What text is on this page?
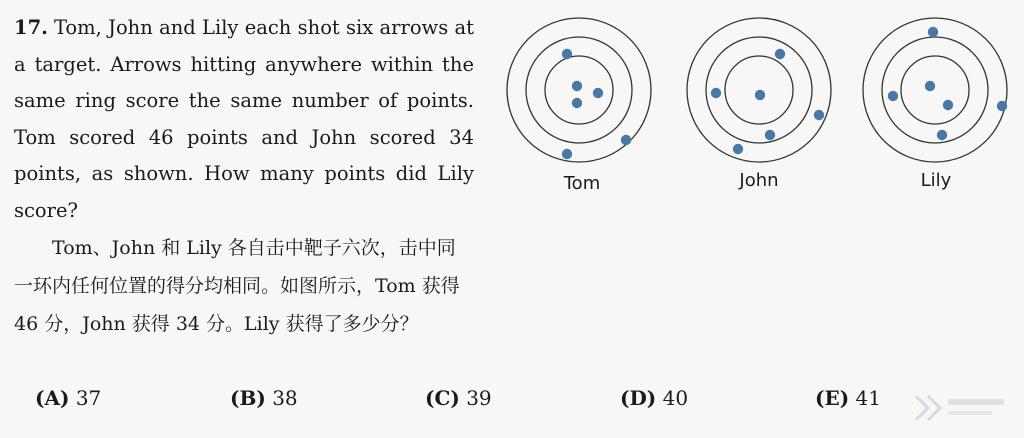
17. Tom, John and Lily each shot six arrows at a target. Arrows hitting anywhere within the same ring score the same number of points. Tom scored 46 points and John scored 34 points, as shown. How many points did Lily score?
Tom、John 和 Lily 各自击中靶子六次，击中同一环内任何位置的得分均相同。如图所示，Tom 获得 46 分，John 获得 34 分。Lily 获得了多少分？
Tom	John	Lily
(A) 37	(B) 38	(C) 39	(D) 40	(E) 41
